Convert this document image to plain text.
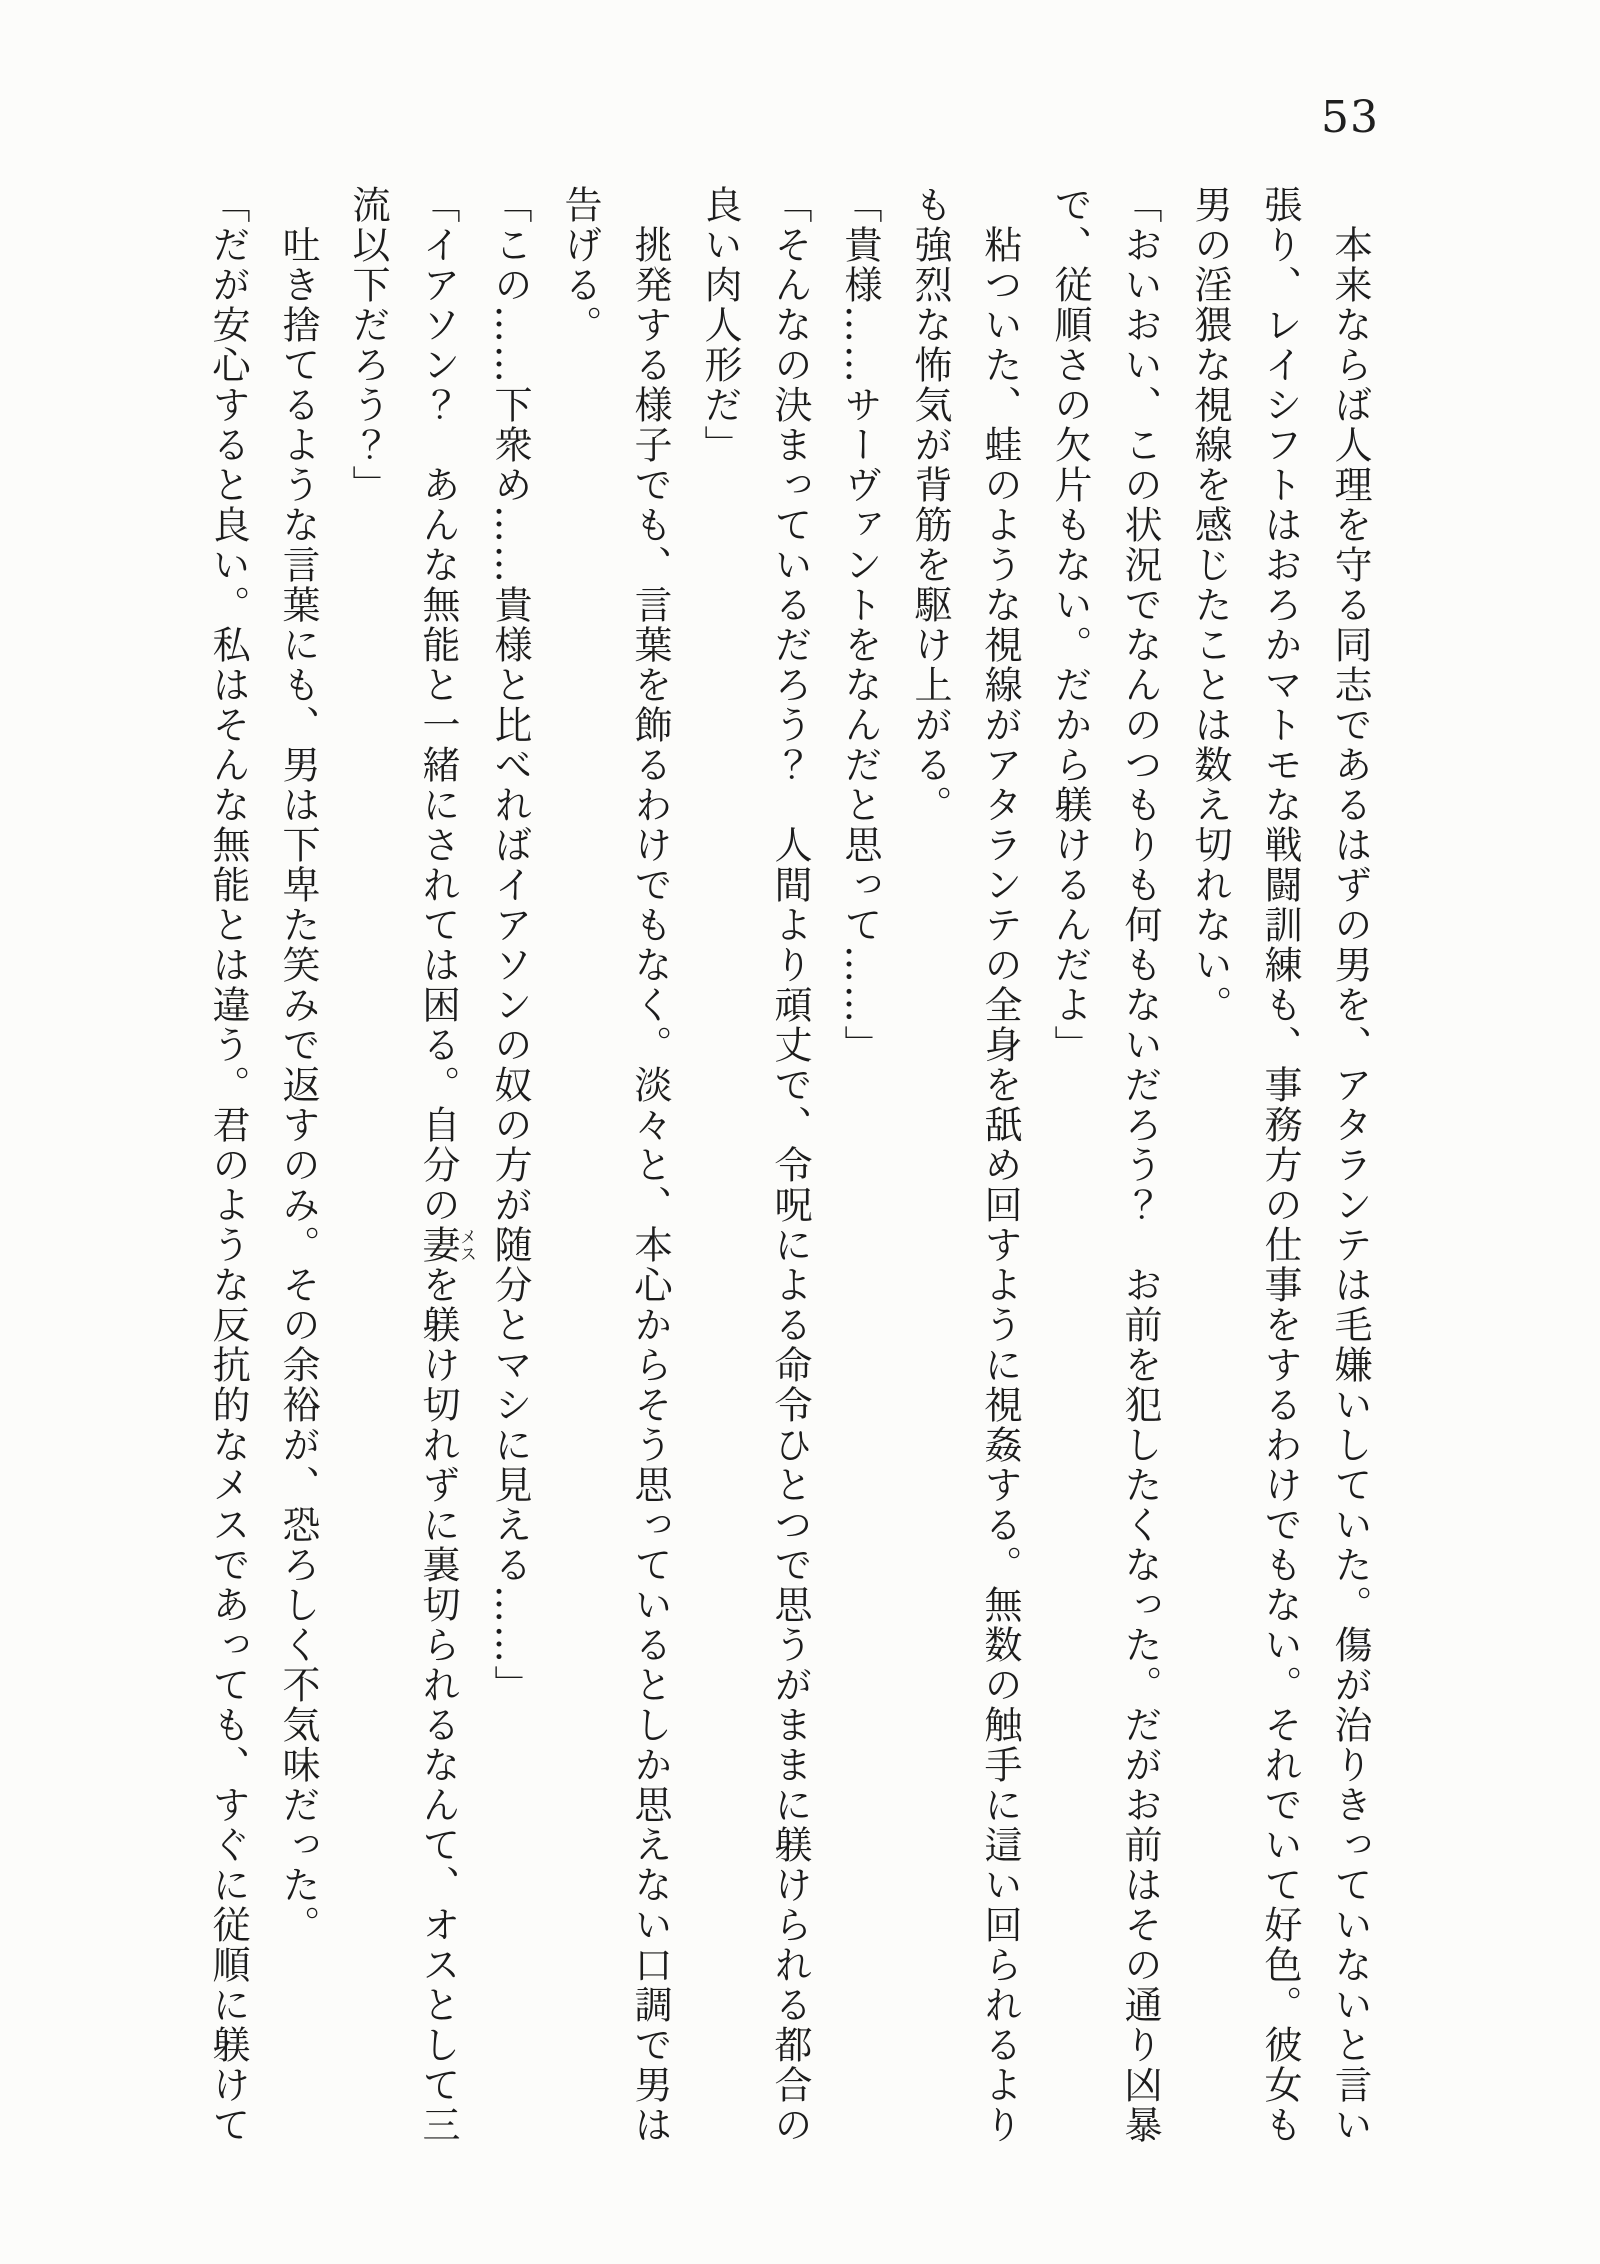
53

　本来ならば人理を守る同志であるはずの男を、アタランテは毛嫌いしていた。傷が治りきっていないと言い

張り、レイシフトはおろかマトモな戦闘訓練も、事務方の仕事をするわけでもない。それでいて好色。彼女も

男の淫猥な視線を感じたことは数え切れない。

「おいおい、この状況でなんのつもりも何もないだろう？　お前を犯したくなった。だがお前はその通り凶暴

で、従順さの欠片もない。だから躾けるんだよ」

　粘ついた、蛙のような視線がアタランテの全身を舐め回すように視姦する。無数の触手に這い回られるより

も強烈な怖気が背筋を駆け上がる。

「貴様……サーヴァントをなんだと思って……」

「そんなの決まっているだろう？　人間より頑丈で、令呪による命令ひとつで思うがままに躾けられる都合の

良い肉人形だ」

　挑発する様子でも、言葉を飾るわけでもなく。淡々と、本心からそう思っているとしか思えない口調で男は

告げる。

「この……下衆め……貴様と比べればイアソンの奴の方が随分とマシに見える……」

「イアソン？　あんな無能と一緒にされては困る。自分の妻メスを躾け切れずに裏切られるなんて、オスとして三

流以下だろう？」

　吐き捨てるような言葉にも、男は下卑た笑みで返すのみ。その余裕が、恐ろしく不気味だった。

「だが安心すると良い。私はそんな無能とは違う。君のような反抗的なメスであっても、すぐに従順に躾けて
